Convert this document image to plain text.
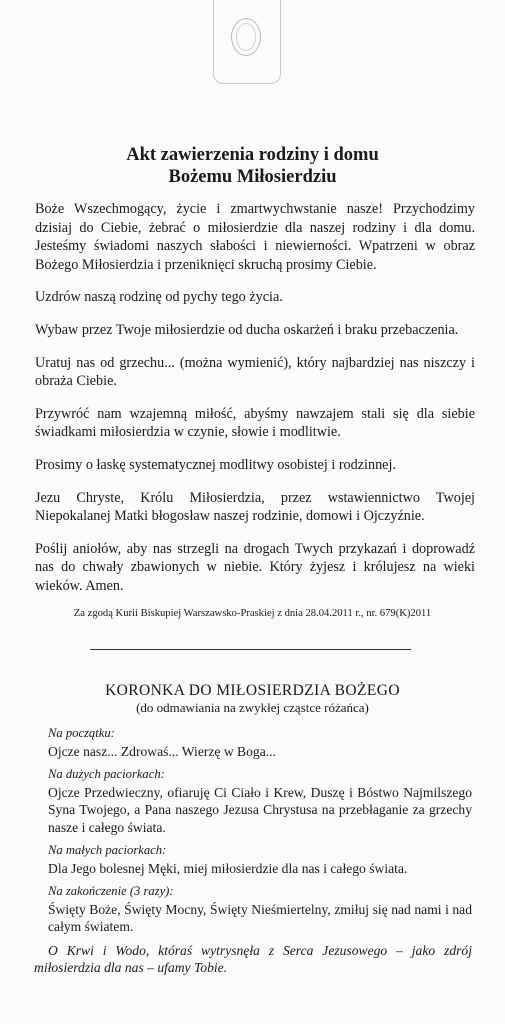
Akt zawierzenia rodziny i domu
Bożemu Miłosierdziu

Boże Wszechmogący, życie i zmartwychwstanie nasze! Przychodzimy dzisiaj do Ciebie, żebrać o miłosierdzie dla naszej rodziny i dla domu. Jesteśmy świadomi naszych słabości i niewierności. Wpatrzeni w obraz Bożego Miłosierdzia i przeniknięci skruchą prosimy Ciebie.

Uzdrów naszą rodzinę od pychy tego życia.

Wybaw przez Twoje miłosierdzie od ducha oskarżeń i braku przebaczenia.

Uratuj nas od grzechu... (można wymienić), który najbardziej nas niszczy i obraża Ciebie.

Przywróć nam wzajemną miłość, abyśmy nawzajem stali się dla siebie świadkami miłosierdzia w czynie, słowie i modlitwie.

Prosimy o łaskę systematycznej modlitwy osobistej i rodzinnej.

Jezu Chryste, Królu Miłosierdzia, przez wstawiennictwo Twojej Niepokalanej Matki błogosław naszej rodzinie, domowi i Ojczyźnie.

Poślij aniołów, aby nas strzegli na drogach Twych przykazań i doprowadź nas do chwały zbawionych w niebie. Który żyjesz i królujesz na wieki wieków. Amen.

Za zgodą Kurii Biskupiej Warszawsko-Praskiej z dnia 28.04.2011 r., nr. 679(K)2011
KORONKA DO MIŁOSIERDZIA BOŻEGO
(do odmawiania na zwykłej cząstce różańca)
Na początku:
Ojcze nasz... Zdrowaś... Wierzę w Boga...
Na dużych paciorkach:
Ojcze Przedwieczny, ofiaruję Ci Ciało i Krew, Duszę i Bóstwo Najmilszego Syna Twojego, a Pana naszego Jezusa Chrystusa na przebłaganie za grzechy nasze i całego świata.
Na małych paciorkach:
Dla Jego bolesnej Męki, miej miłosierdzie dla nas i całego świata.
Na zakończenie (3 razy):
Święty Boże, Święty Mocny, Święty Nieśmiertelny, zmiłuj się nad nami i nad całym światem.
O Krwi i Wodo, któraś wytrysnęła z Serca Jezusowego – jako zdrój miłosierdzia dla nas – ufamy Tobie.
